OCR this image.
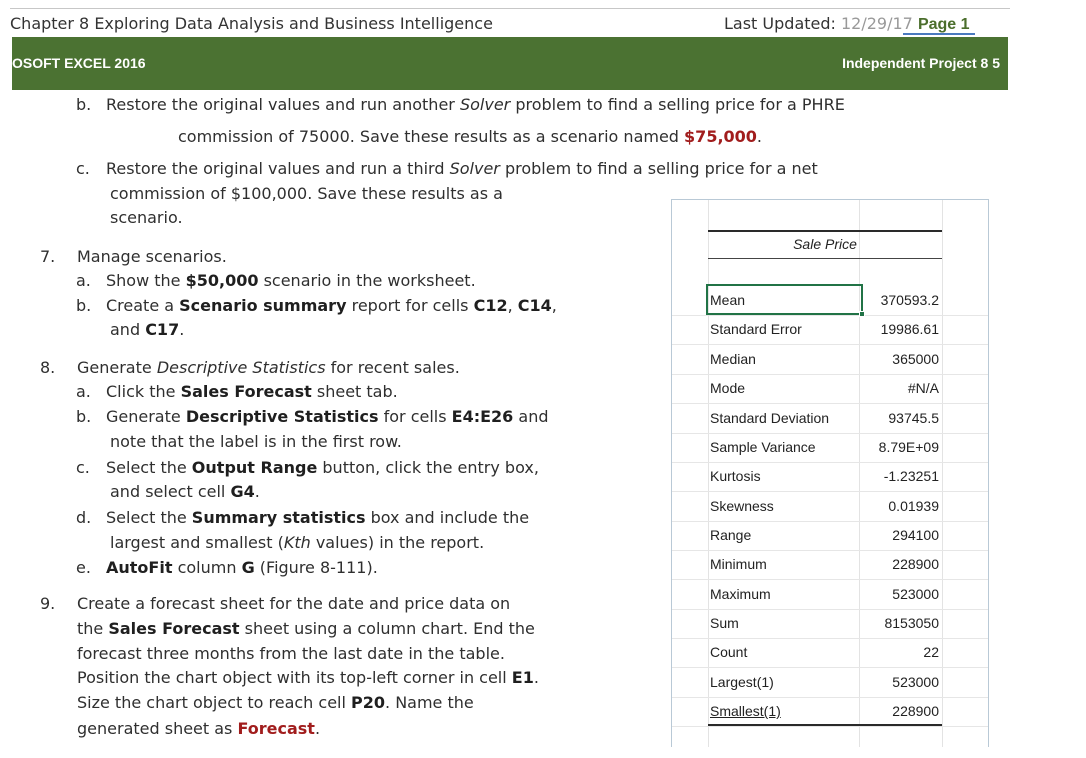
Chapter 8 Exploring Data Analysis and Business Intelligence	Last Updated: 12/29/17 Page 1
OSOFT EXCEL 2016	Independent Project 8 5
b. Restore the original values and run another Solver problem to find a selling price for a PHRE
commission of 75000. Save these results as a scenario named $75,000.
c. Restore the original values and run a third Solver problem to find a selling price for a net
commission of $100,000. Save these results as a
scenario.
7. Manage scenarios.
a. Show the $50,000 scenario in the worksheet.
b. Create a Scenario summary report for cells C12, C14,
and C17.
8. Generate Descriptive Statistics for recent sales.
a. Click the Sales Forecast sheet tab.
b. Generate Descriptive Statistics for cells E4:E26 and
note that the label is in the first row.
c. Select the Output Range button, click the entry box,
and select cell G4.
d. Select the Summary statistics box and include the
largest and smallest (Kth values) in the report.
e. AutoFit column G (Figure 8-111).
9. Create a forecast sheet for the date and price data on
the Sales Forecast sheet using a column chart. End the
forecast three months from the last date in the table.
Position the chart object with its top-left corner in cell E1.
Size the chart object to reach cell P20. Name the
generated sheet as Forecast.
Sale Price
Mean	370593.2
Standard Error	19986.61
Median	365000
Mode	#N/A
Standard Deviation	93745.5
Sample Variance	8.79E+09
Kurtosis	-1.23251
Skewness	0.01939
Range	294100
Minimum	228900
Maximum	523000
Sum	8153050
Count	22
Largest(1)	523000
Smallest(1)	228900
